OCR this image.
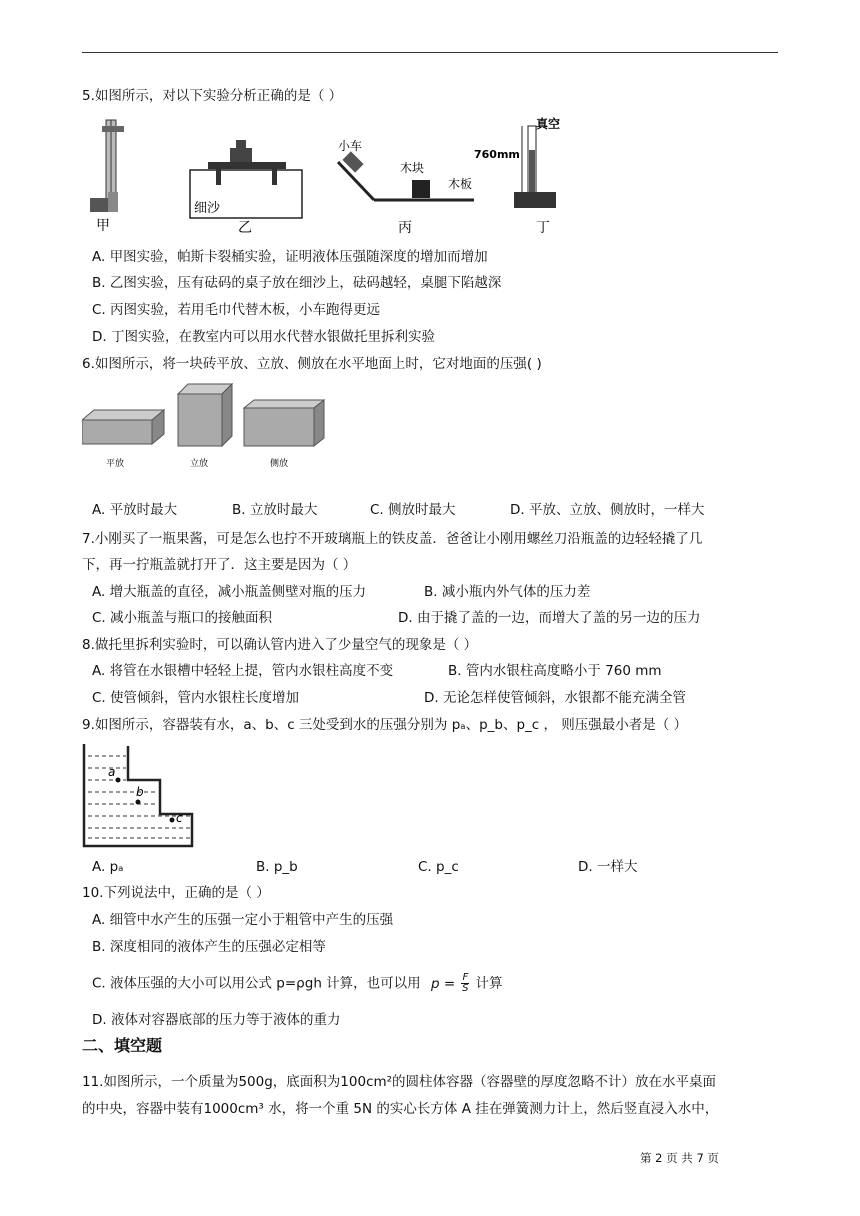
5.如图所示，对以下实验分析正确的是（ ）
甲
细沙
乙
小车
木块
木板
丙
真空
760mm
丁
A. 甲图实验，帕斯卡裂桶实验，证明液体压强随深度的增加而增加
B. 乙图实验，压有砝码的桌子放在细沙上，砝码越轻，桌腿下陷越深
C. 丙图实验，若用毛巾代替木板，小车跑得更远
D. 丁图实验，在教室内可以用水代替水银做托里拆利实验
6.如图所示，将一块砖平放、立放、侧放在水平地面上时，它对地面的压强( )
平放	立放	侧放
A. 平放时最大	B. 立放时最大	C. 侧放时最大	D. 平放、立放、侧放时，一样大
7.小刚买了一瓶果酱，可是怎么也拧不开玻璃瓶上的铁皮盖．爸爸让小刚用螺丝刀沿瓶盖的边轻轻撬了几
下，再一拧瓶盖就打开了．这主要是因为（ ）
A. 增大瓶盖的直径，减小瓶盖侧壁对瓶的压力	B. 减小瓶内外气体的压力差
C. 减小瓶盖与瓶口的接触面积	D. 由于撬了盖的一边，而增大了盖的另一边的压力
8.做托里拆利实验时，可以确认管内进入了少量空气的现象是（ ）
A. 将管在水银槽中轻轻上提，管内水银柱高度不变	B. 管内水银柱高度略小于 760 mm
C. 使管倾斜，管内水银柱长度增加	D. 无论怎样使管倾斜，水银都不能充满全管
9.如图所示，容器装有水，a、b、c 三处受到水的压强分别为 pₐ、p_b、p_c ， 则压强最小者是（ ）
a
b
c
A. pₐ	B. p_b	C. p_c	D. 一样大
10.下列说法中，正确的是（ ）
A. 细管中水产生的压强一定小于粗管中产生的压强
B. 深度相同的液体产生的压强必定相等
C. 液体压强的大小可以用公式 p=ρgh 计算，也可以用 $p = \frac{F}{S}$ 计算
D. 液体对容器底部的压力等于液体的重力
二、填空题
11.如图所示，一个质量为500g，底面积为100cm²的圆柱体容器（容器壁的厚度忽略不计）放在水平桌面
的中央，容器中装有1000cm³ 水，将一个重 5N 的实心长方体 A 挂在弹簧测力计上，然后竖直浸入水中，
第 2 页 共 7 页
